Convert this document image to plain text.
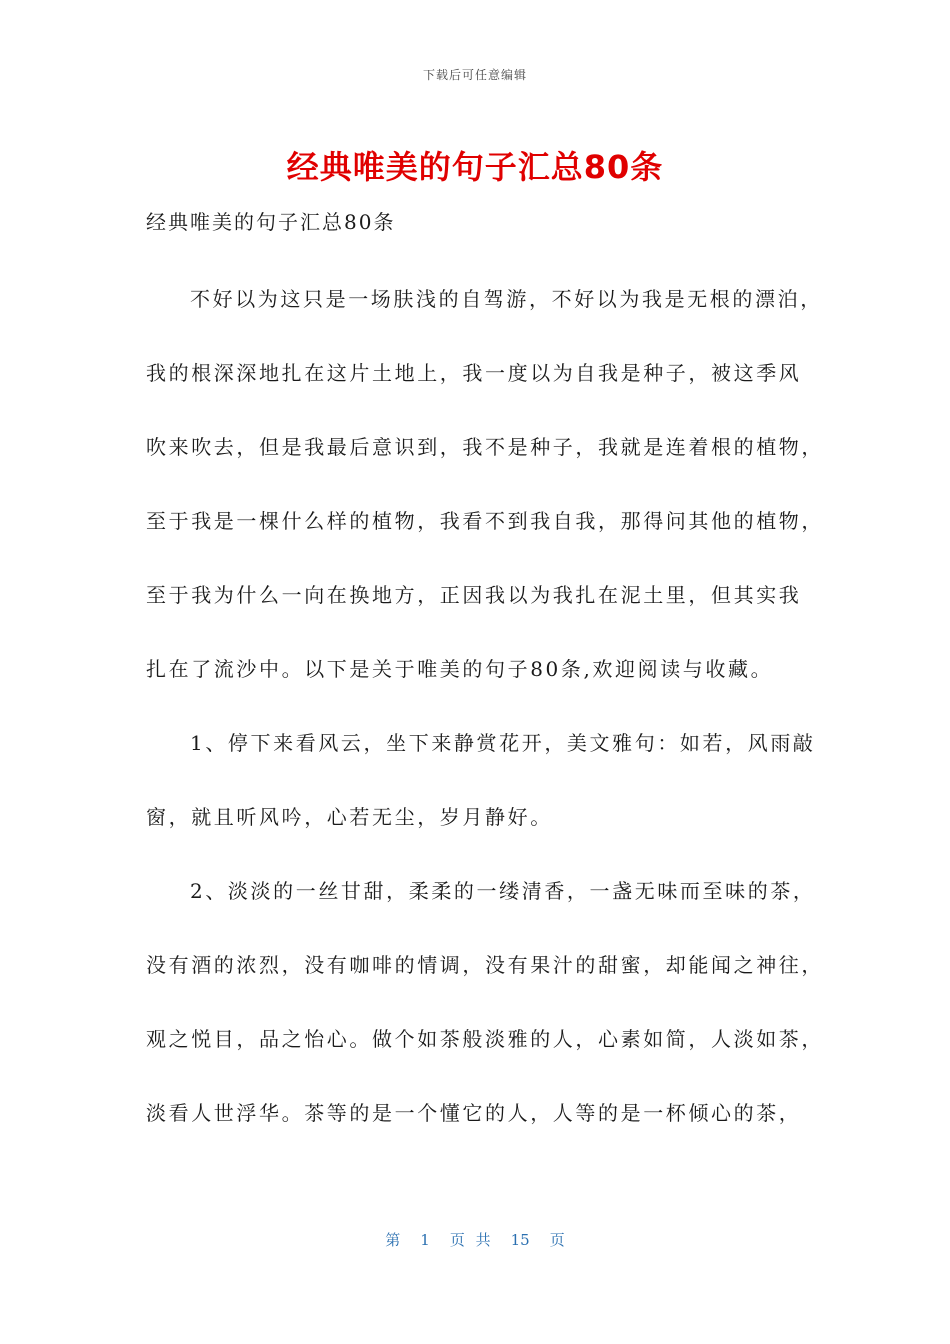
下载后可任意编辑
经典唯美的句子汇总80条

经典唯美的句子汇总80条

不好以为这只是一场肤浅的自驾游，不好以为我是无根的漂泊，
我的根深深地扎在这片土地上，我一度以为自我是种子，被这季风
吹来吹去，但是我最后意识到，我不是种子，我就是连着根的植物，
至于我是一棵什么样的植物，我看不到我自我，那得问其他的植物，
至于我为什么一向在换地方，正因我以为我扎在泥土里，但其实我
扎在了流沙中。以下是关于唯美的句子80条,欢迎阅读与收藏。
1、停下来看风云，坐下来静赏花开，美文雅句：如若，风雨敲
窗，就且听风吟，心若无尘，岁月静好。
2、淡淡的一丝甘甜，柔柔的一缕清香，一盏无味而至味的茶，
没有酒的浓烈，没有咖啡的情调，没有果汁的甜蜜，却能闻之神往，
观之悦目，品之怡心。做个如茶般淡雅的人，心素如简，人淡如茶，
淡看人世浮华。茶等的是一个懂它的人，人等的是一杯倾心的茶，
第 1 页 共 15 页
